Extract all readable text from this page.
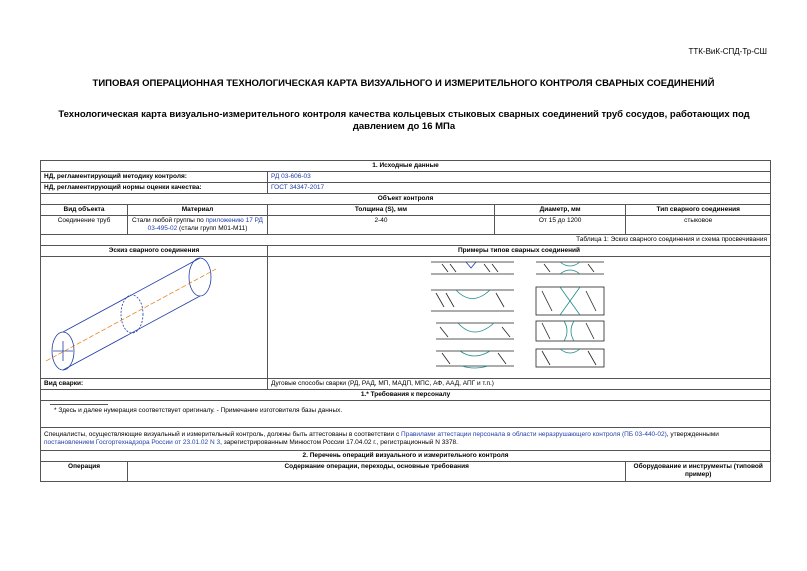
ТТК-ВиК-СПД-Тр-СШ
ТИПОВАЯ ОПЕРАЦИОННАЯ ТЕХНОЛОГИЧЕСКАЯ КАРТА ВИЗУАЛЬНОГО И ИЗМЕРИТЕЛЬНОГО КОНТРОЛЯ СВАРНЫХ СОЕДИНЕНИЙ
Технологическая карта визуально-измерительного контроля качества кольцевых стыковых сварных соединений труб сосудов, работающих под давлением до 16 МПа
1. Исходные данные				
НД, регламентирующий методику контроля:		РД 03-606-03		
НД, регламентирующий нормы оценки качества:		ГОСТ 34347-2017		
Объект контроля				
Вид объекта	Материал	Толщина (S), мм	Диаметр, мм	Тип сварного соединения
Соединение труб	Стали любой группы по приложению 17 РД 03-495-02 (стали групп М01-М11)	2-40	От 15 до 1200	стыковое
Таблица 1: Эскиз сварного соединения и схема просвечивания				
Эскиз сварного соединения		Примеры типов сварных соединений		

Вид сварки:		Дуговые способы сварки (РД, РАД, МП, МАДП, МПС, АФ, ААД, АПГ и т.п.)		
1.* Требования к персоналу				

* Здесь и далее нумерация соответствует оригиналу. - Примечание изготовителя базы данных.				

Специалисты, осуществляющие визуальный и измерительный контроль, должны быть аттестованы в соответствии с Правилами аттестации персонала в области неразрушающего контроля (ПБ 03-440-02), утвержденными постановлением Госгортехнадзора России от 23.01.02 N 3, зарегистрированным Минюстом России 17.04.02 г., регистрационный N 3378.				
2. Перечень операций визуального и измерительного контроля				
Операция	Содержание операции, переходы, основные требования			Оборудование и инструменты (типовой пример)
